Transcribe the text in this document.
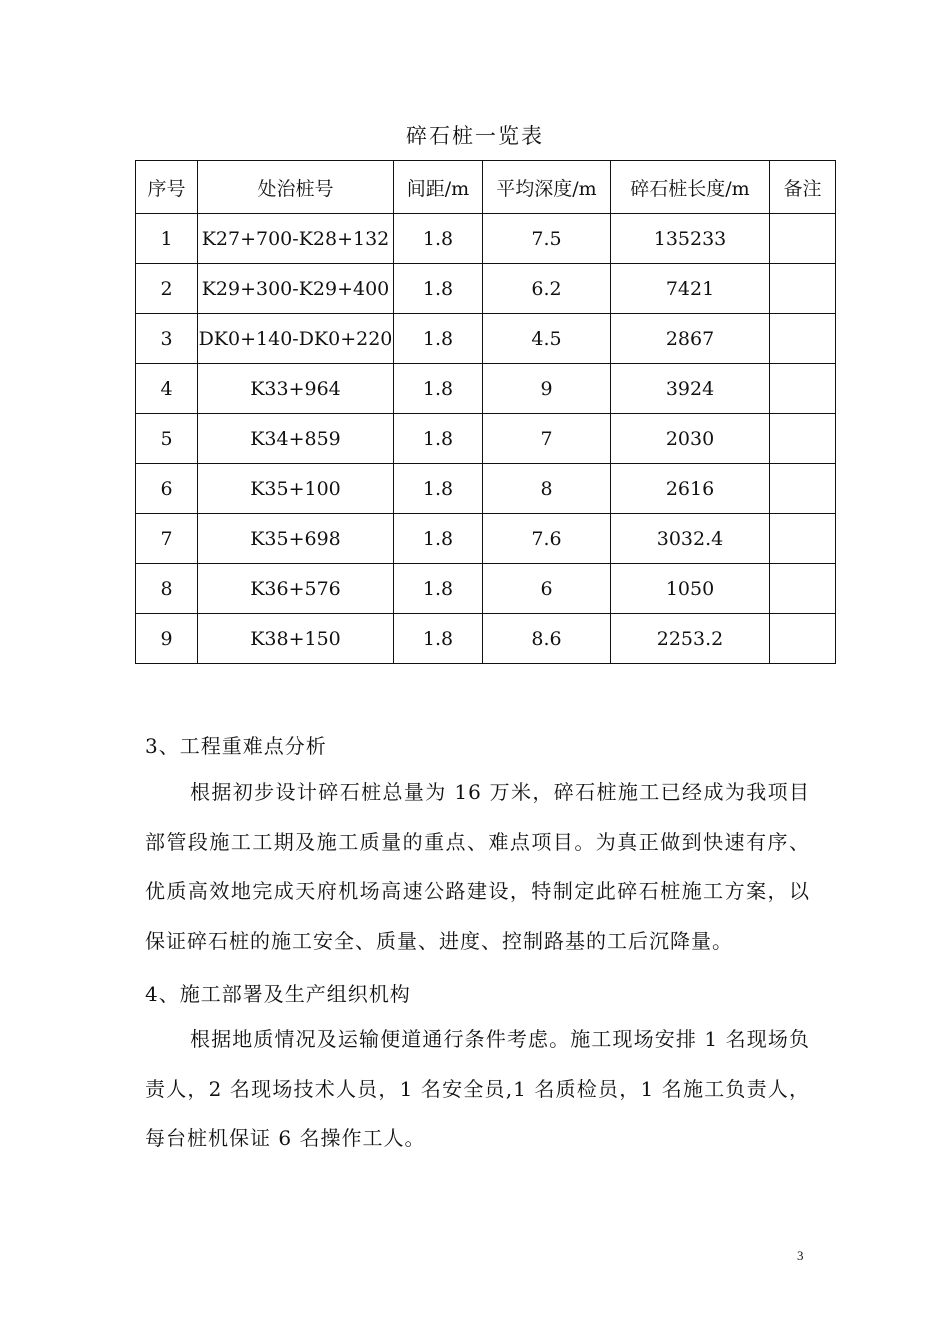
碎石桩一览表
序号	处治桩号	间距/m	平均深度/m	碎石桩长度/m	备注
1	K27+700-K28+132	1.8	7.5	135233	
2	K29+300-K29+400	1.8	6.2	7421	
3	DK0+140-DK0+220	1.8	4.5	2867	
4	K33+964	1.8	9	3924	
5	K34+859	1.8	7	2030	
6	K35+100	1.8	8	2616	
7	K35+698	1.8	7.6	3032.4	
8	K36+576	1.8	6	1050	
9	K38+150	1.8	8.6	2253.2	
3、工程重难点分析
根据初步设计碎石桩总量为 16 万米，碎石桩施工已经成为我项目部管段施工工期及施工质量的重点、难点项目。为真正做到快速有序、优质高效地完成天府机场高速公路建设，特制定此碎石桩施工方案，以保证碎石桩的施工安全、质量、进度、控制路基的工后沉降量。
4、施工部署及生产组织机构
根据地质情况及运输便道通行条件考虑。施工现场安排 1 名现场负责人，2 名现场技术人员，1 名安全员,1 名质检员，1 名施工负责人，每台桩机保证 6 名操作工人。
3
